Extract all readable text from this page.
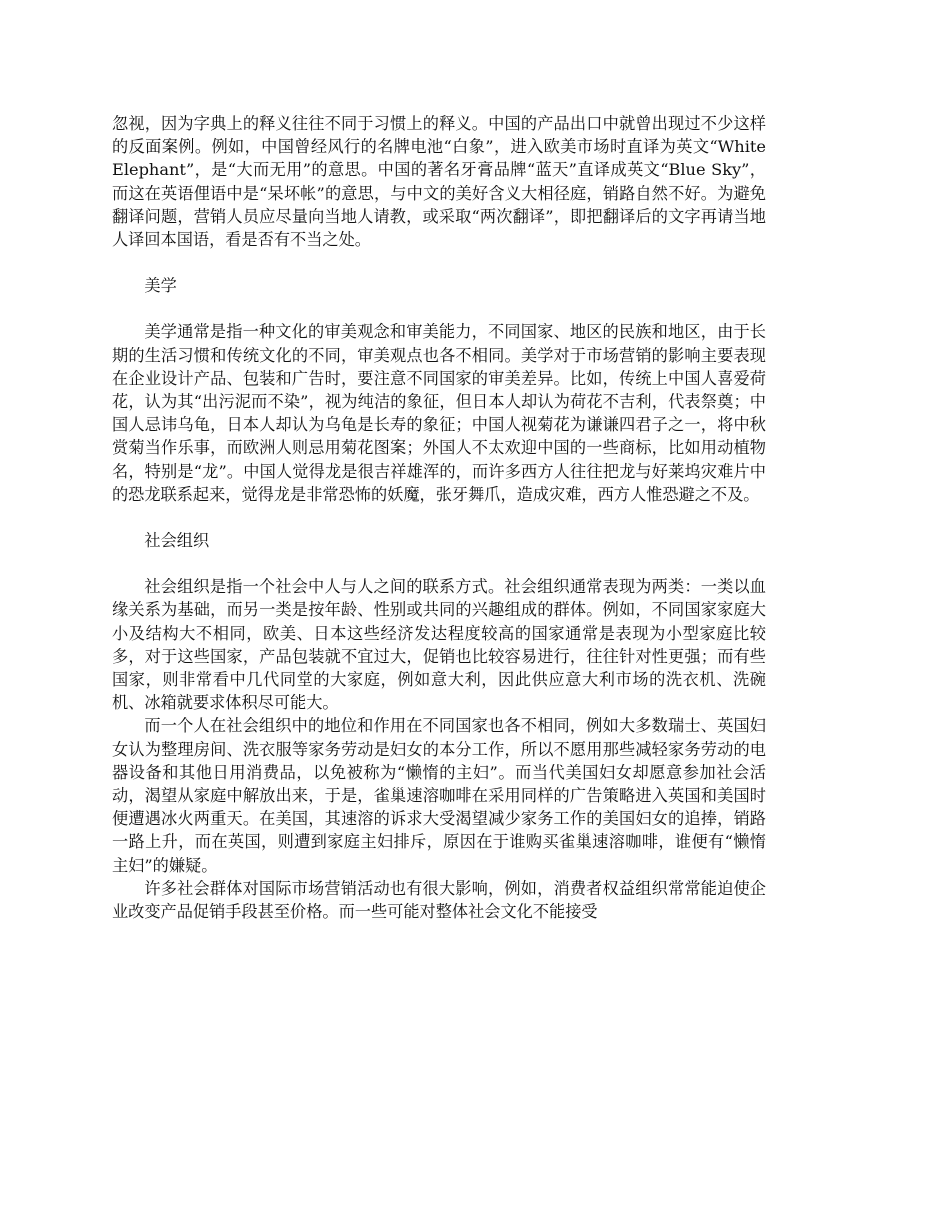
忽视，因为字典上的释义往往不同于习惯上的释义。中国的产品出口中就曾出现过不少这样的反面案例。例如，中国曾经风行的名牌电池“白象”，进入欧美市场时直译为英文“White Elephant”，是“大而无用”的意思。中国的著名牙膏品牌“蓝天”直译成英文“Blue Sky”，而这在英语俚语中是“呆坏帐”的意思，与中文的美好含义大相径庭，销路自然不好。为避免翻译问题，营销人员应尽量向当地人请教，或采取“两次翻译”，即把翻译后的文字再请当地人译回本国语，看是否有不当之处。

美学

美学通常是指一种文化的审美观念和审美能力，不同国家、地区的民族和地区，由于长期的生活习惯和传统文化的不同，审美观点也各不相同。美学对于市场营销的影响主要表现在企业设计产品、包装和广告时，要注意不同国家的审美差异。比如，传统上中国人喜爱荷花，认为其“出污泥而不染”，视为纯洁的象征，但日本人却认为荷花不吉利，代表祭奠；中国人忌讳乌龟，日本人却认为乌龟是长寿的象征；中国人视菊花为谦谦四君子之一，将中秋赏菊当作乐事，而欧洲人则忌用菊花图案；外国人不太欢迎中国的一些商标，比如用动植物名，特别是“龙”。中国人觉得龙是很吉祥雄浑的，而许多西方人往往把龙与好莱坞灾难片中的恐龙联系起来，觉得龙是非常恐怖的妖魔，张牙舞爪，造成灾难，西方人惟恐避之不及。

社会组织

社会组织是指一个社会中人与人之间的联系方式。社会组织通常表现为两类：一类以血缘关系为基础，而另一类是按年龄、性别或共同的兴趣组成的群体。例如，不同国家家庭大小及结构大不相同，欧美、日本这些经济发达程度较高的国家通常是表现为小型家庭比较多，对于这些国家，产品包装就不宜过大，促销也比较容易进行，往往针对性更强；而有些国家，则非常看中几代同堂的大家庭，例如意大利，因此供应意大利市场的洗衣机、洗碗机、冰箱就要求体积尽可能大。

而一个人在社会组织中的地位和作用在不同国家也各不相同，例如大多数瑞士、英国妇女认为整理房间、洗衣服等家务劳动是妇女的本分工作，所以不愿用那些减轻家务劳动的电器设备和其他日用消费品，以免被称为“懒惰的主妇”。而当代美国妇女却愿意参加社会活动，渴望从家庭中解放出来，于是，雀巢速溶咖啡在采用同样的广告策略进入英国和美国时便遭遇冰火两重天。在美国，其速溶的诉求大受渴望减少家务工作的美国妇女的追捧，销路一路上升，而在英国，则遭到家庭主妇排斥，原因在于谁购买雀巢速溶咖啡，谁便有“懒惰主妇”的嫌疑。

许多社会群体对国际市场营销活动也有很大影响，例如，消费者权益组织常常能迫使企业改变产品促销手段甚至价格。而一些可能对整体社会文化不能接受
